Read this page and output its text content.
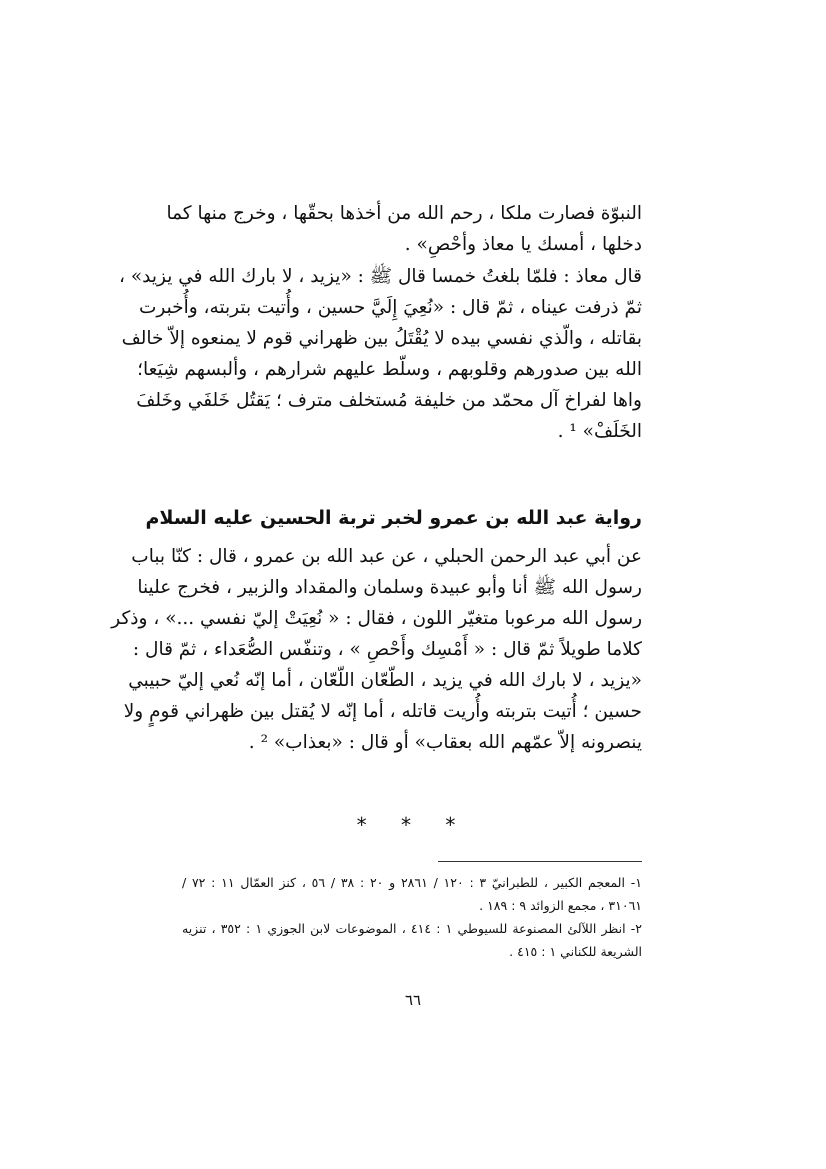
النبوّة فصارت ملكا ، رحم الله من أخذها بحقّها ، وخرج منها كما
دخلها ، أمسك يا معاذ وأحْصِ» .
قال معاذ : فلمّا بلغتُ خمسا قال ﷺ : «يزيد ، لا بارك الله في يزيد» ،
ثمّ ذرفت عيناه ، ثمّ قال : «نُعِيَ إِلَيَّ حسين ، وأُتيت بتربته، وأُخبرت
بقاتله ، والّذي نفسي بيده لا يُقْتَلُ بين ظهراني قوم لا يمنعوه إلاّ خالف
الله بين صدورهم وقلوبهم ، وسلّط عليهم شرارهم ، وألبسهم شِيَعا؛
واها لفراخ آل محمّد من خليفة مُستخلف مترف ؛ يَقتُل خَلفَي وخَلفَ
الخَلَفْ» ¹ .
رواية عبد الله بن عمرو لخبر تربة الحسين عليه السلام
عن أبي عبد الرحمن الحبلي ، عن عبد الله بن عمرو ، قال : كنّا بباب
رسول الله ﷺ أنا وأبو عبيدة وسلمان والمقداد والزبير ، فخرج علينا
رسول الله مرعوبا متغيّر اللون ، فقال : « نُعِيَتْ إليّ نفسي ...» ، وذكر
كلاما طويلاً ثمّ قال : « أَمْسِك وأَحْصِ » ، وتنفّس الصُّعَداء ، ثمّ قال :
«يزيد ، لا بارك الله في يزيد ، الطّعّان اللّعّان ، أما إنّه نُعي إليّ حبيبي
حسين ؛ أُتيت بتربته وأُريت قاتله ، أما إنّه لا يُقتل بين ظهراني قومٍ ولا
ينصرونه إلاّ عمّهم الله بعقاب» أو قال : «بعذاب» ² .
* * *
١- المعجم الكبير ، للطبرانيّ ٣ : ١٢٠ / ٢٨٦١ و ٢٠ : ٣٨ / ٥٦ ، كنز العمّال ١١ : ٧٢ /
٣١٠٦١ ، مجمع الزوائد ٩ : ١٨٩ .
٢- انظر اللآلئ المصنوعة للسيوطي ١ : ٤١٤ ، الموضوعات لابن الجوزي ١ : ٣٥٢ ، تنزيه
الشريعة للكناني ١ : ٤١٥ .
٦٦
